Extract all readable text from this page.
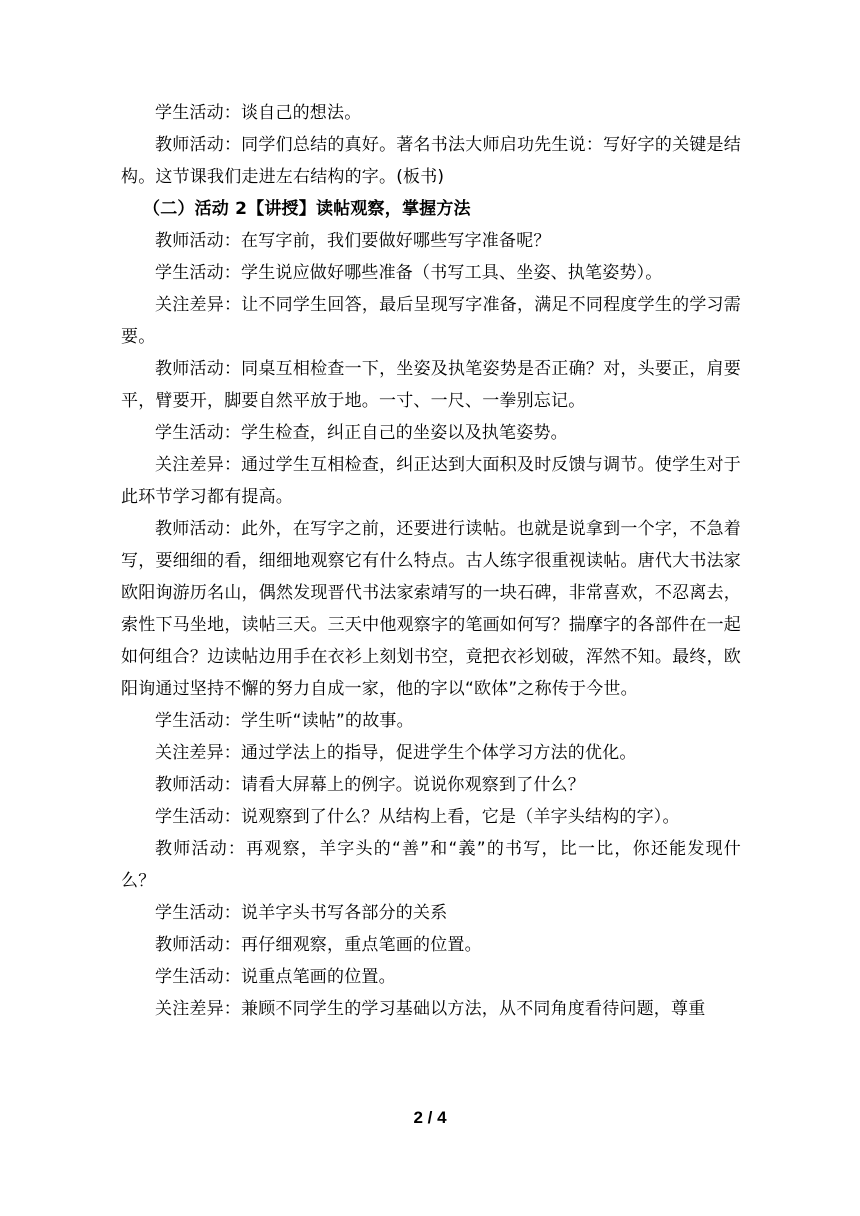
学生活动：谈自己的想法。

教师活动：同学们总结的真好。著名书法大师启功先生说：写好字的关键是结构。这节课我们走进左右结构的字。(板书)

（二）活动 2【讲授】读帖观察，掌握方法

教师活动：在写字前，我们要做好哪些写字准备呢？

学生活动：学生说应做好哪些准备（书写工具、坐姿、执笔姿势）。

关注差异：让不同学生回答，最后呈现写字准备，满足不同程度学生的学习需要。

教师活动：同桌互相检查一下，坐姿及执笔姿势是否正确？对，头要正，肩要平，臂要开，脚要自然平放于地。一寸、一尺、一拳别忘记。

学生活动：学生检查，纠正自己的坐姿以及执笔姿势。

关注差异：通过学生互相检查，纠正达到大面积及时反馈与调节。使学生对于此环节学习都有提高。

教师活动：此外，在写字之前，还要进行读帖。也就是说拿到一个字，不急着写，要细细的看，细细地观察它有什么特点。古人练字很重视读帖。唐代大书法家欧阳询游历名山，偶然发现晋代书法家索靖写的一块石碑，非常喜欢，不忍离去，索性下马坐地，读帖三天。三天中他观察字的笔画如何写？揣摩字的各部件在一起如何组合？边读帖边用手在衣衫上刻划书空，竟把衣衫划破，浑然不知。最终，欧阳询通过坚持不懈的努力自成一家，他的字以“欧体”之称传于今世。

学生活动：学生听“读帖”的故事。

关注差异：通过学法上的指导，促进学生个体学习方法的优化。

教师活动：请看大屏幕上的例字。说说你观察到了什么？

学生活动：说观察到了什么？从结构上看，它是（羊字头结构的字）。

教师活动：再观察，羊字头的“善”和“義”的书写，比一比，你还能发现什么？

学生活动：说羊字头书写各部分的关系

教师活动：再仔细观察，重点笔画的位置。

学生活动：说重点笔画的位置。

关注差异：兼顾不同学生的学习基础以方法，从不同角度看待问题，尊重

2 / 4
